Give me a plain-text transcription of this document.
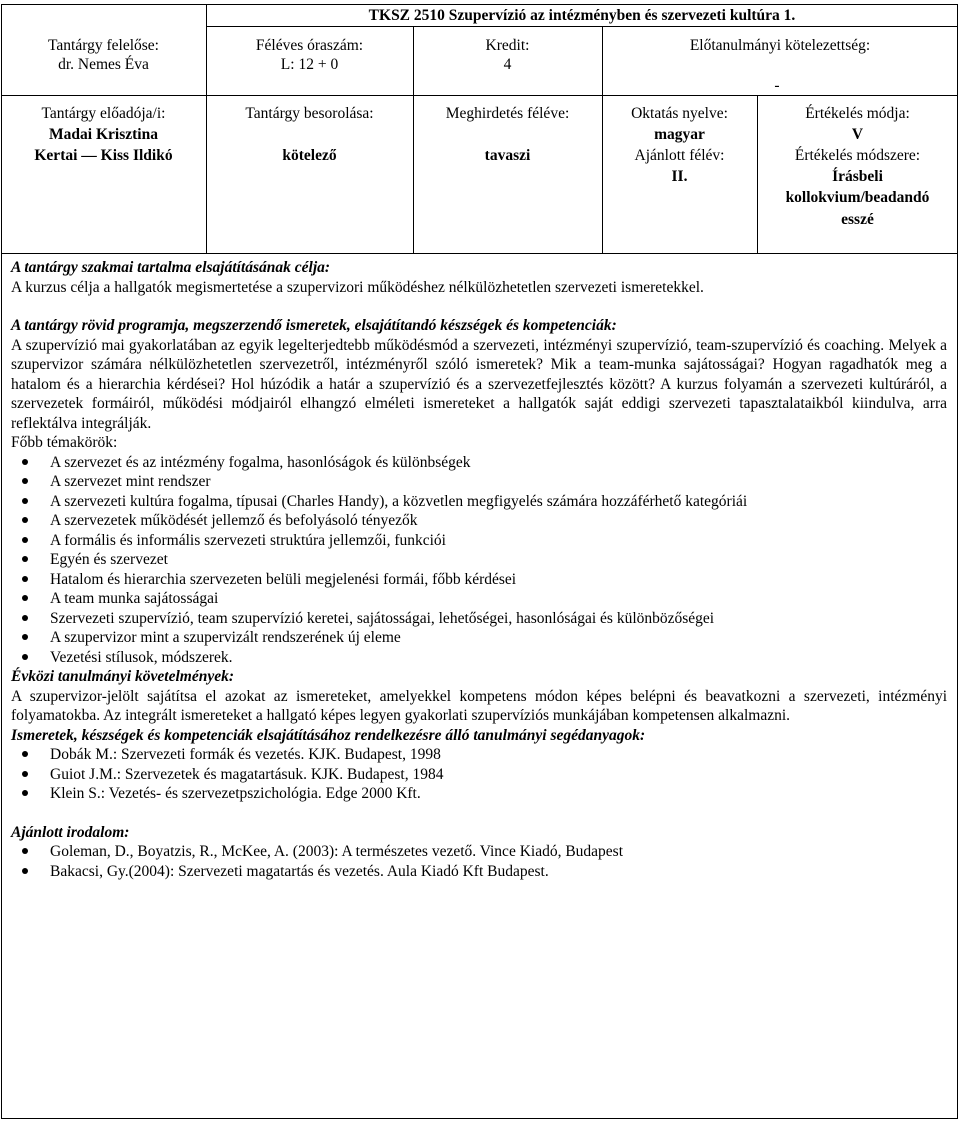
TKSZ 2510 Szupervízió az intézményben és szervezeti kultúra 1.
Tantárgy felelőse:
dr. Nemes Éva
Féléves óraszám:
L: 12 + 0
Kredit:
4
Előtanulmányi kötelezettség:
-
Tantárgy előadója/i:
Madai Krisztina
Kertai — Kiss Ildikó
Tantárgy besorolása:
kötelező
Meghirdetés féléve:
tavaszi
Oktatás nyelve:
magyar
Ajánlott félév:
II.
Értékelés módja:
V
Értékelés módszere:
Írásbeli
kollokvium/beadandó
esszé

A tantárgy szakmai tartalma elsajátításának célja:

A kurzus célja a hallgatók megismertetése a szupervizori működéshez nélkülözhetetlen szervezeti ismeretekkel.

A tantárgy rövid programja, megszerzendő ismeretek, elsajátítandó készségek és kompetenciák:

A szupervízió mai gyakorlatában az egyik legelterjedtebb működésmód a szervezeti, intézményi szupervízió, team-szupervízió és coaching. Melyek a szupervizor számára nélkülözhetetlen szervezetről, intézményről szóló ismeretek? Mik a team-munka sajátosságai? Hogyan ragadhatók meg a hatalom és a hierarchia kérdései? Hol húzódik a határ a szupervízió és a szervezetfejlesztés között? A kurzus folyamán a szervezeti kultúráról, a szervezetek formáiról, működési módjairól elhangzó elméleti ismereteket a hallgatók saját eddigi szervezeti tapasztalataikból kiindulva, arra reflektálva integrálják.

Főbb témakörök:

A szervezet és az intézmény fogalma, hasonlóságok és különbségek
A szervezet mint rendszer
A szervezeti kultúra fogalma, típusai (Charles Handy), a közvetlen megfigyelés számára hozzáférhető kategóriái
A szervezetek működését jellemző és befolyásoló tényezők
A formális és informális szervezeti struktúra jellemzői, funkciói
Egyén és szervezet
Hatalom és hierarchia szervezeten belüli megjelenési formái, főbb kérdései
A team munka sajátosságai
Szervezeti szupervízió, team szupervízió keretei, sajátosságai, lehetőségei, hasonlóságai és különbözőségei
A szupervizor mint a szupervizált rendszerének új eleme
Vezetési stílusok, módszerek.

Évközi tanulmányi követelmények:

A szupervizor-jelölt sajátítsa el azokat az ismereteket, amelyekkel kompetens módon képes belépni és beavatkozni a szervezeti, intézményi folyamatokba. Az integrált ismereteket a hallgató képes legyen gyakorlati szupervíziós munkájában kompetensen alkalmazni.

Ismeretek, készségek és kompetenciák elsajátításához rendelkezésre álló tanulmányi segédanyagok:

Dobák M.: Szervezeti formák és vezetés. KJK. Budapest, 1998
Guiot J.M.: Szervezetek és magatartásuk. KJK. Budapest, 1984
Klein S.: Vezetés- és szervezetpszichológia. Edge 2000 Kft.

Ajánlott irodalom:

Goleman, D., Boyatzis, R., McKee, A. (2003): A természetes vezető. Vince Kiadó, Budapest
Bakacsi, Gy.(2004): Szervezeti magatartás és vezetés. Aula Kiadó Kft Budapest.
